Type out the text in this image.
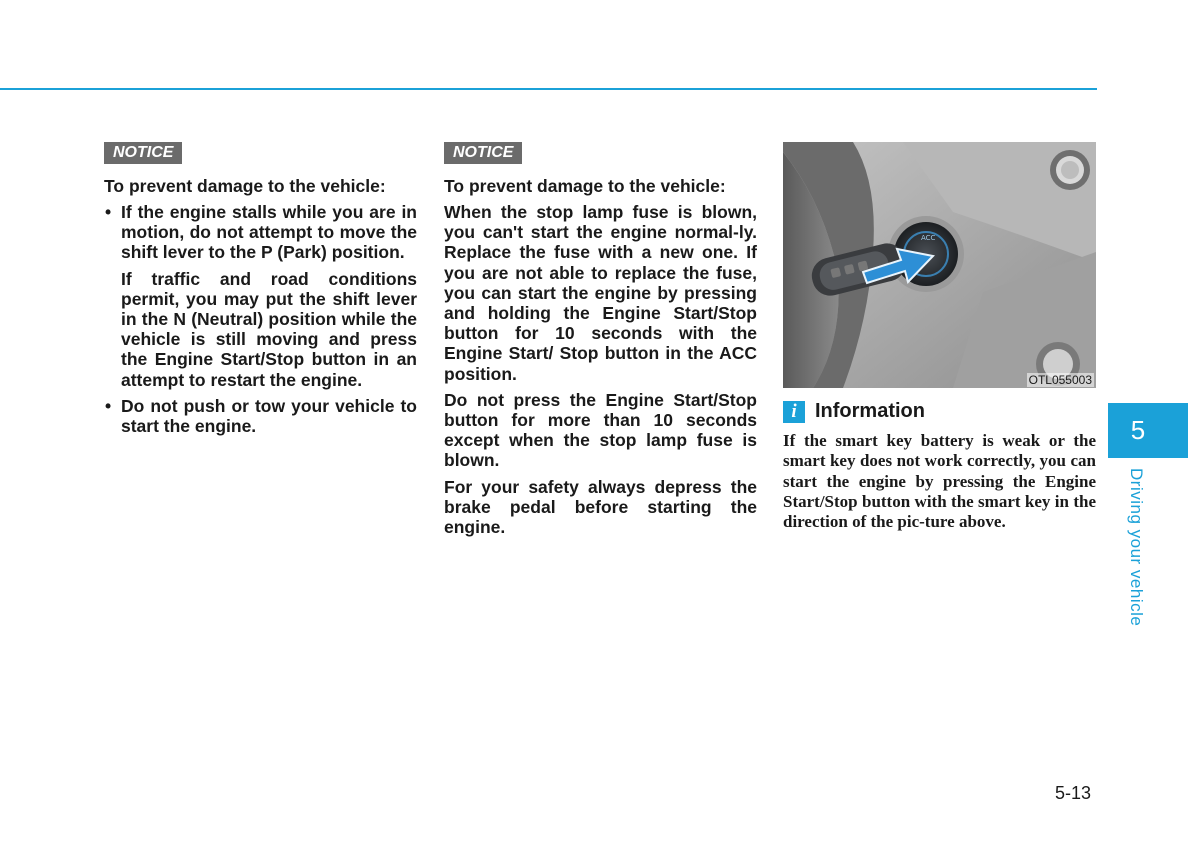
NOTICE
To prevent damage to the vehicle:
• If the engine stalls while you are in motion, do not attempt to move the shift lever to the P (Park) position.
If traffic and road conditions permit, you may put the shift lever in the N (Neutral) position while the vehicle is still moving and press the Engine Start/Stop button in an attempt to restart the engine.
• Do not push or tow your vehicle to start the engine.
NOTICE
To prevent damage to the vehicle:
When the stop lamp fuse is blown, you can't start the engine normal-ly. Replace the fuse with a new one. If you are not able to replace the fuse, you can start the engine by pressing and holding the Engine Start/Stop button for 10 seconds with the Engine Start/ Stop button in the ACC position.
Do not press the Engine Start/Stop button for more than 10 seconds except when the stop lamp fuse is blown.
For your safety always depress the brake pedal before starting the engine.
ACC
OTL055003
i Information
If the smart key battery is weak or the smart key does not work correctly, you can start the engine by pressing the Engine Start/Stop button with the smart key in the direction of the pic-ture above.
5
Driving your vehicle
5-13
